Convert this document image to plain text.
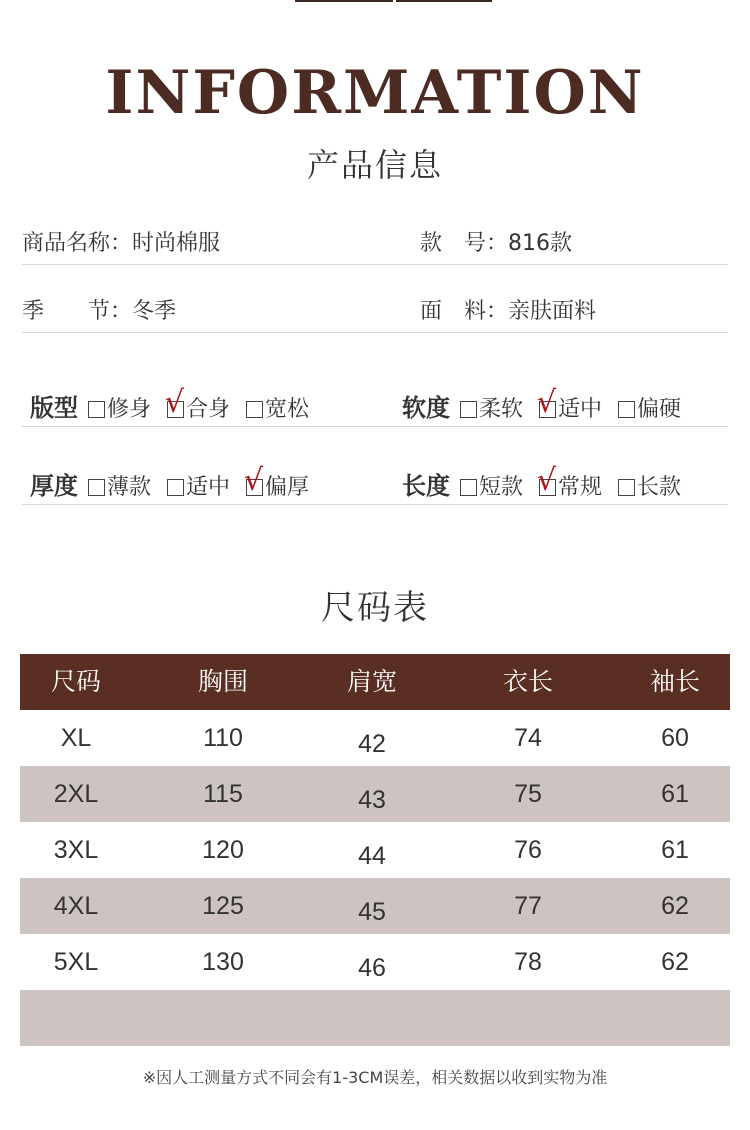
INFORMATION
产品信息
商品名称：时尚棉服	款　号：816款
季　　节：冬季	面　料：亲肤面料
版型 修身 √ 合身 宽松	软度 柔软 √ 适中 偏硬
厚度 薄款 适中 √ 偏厚	长度 短款 √ 常规 长款
尺码表
尺码	胸围	肩宽	衣长	袖长
XL	110	42	74	60
2XL	115	43	75	61
3XL	120	44	76	61
4XL	125	45	77	62
5XL	130	46	78	62
※因人工测量方式不同会有1-3CM误差，相关数据以收到实物为准
